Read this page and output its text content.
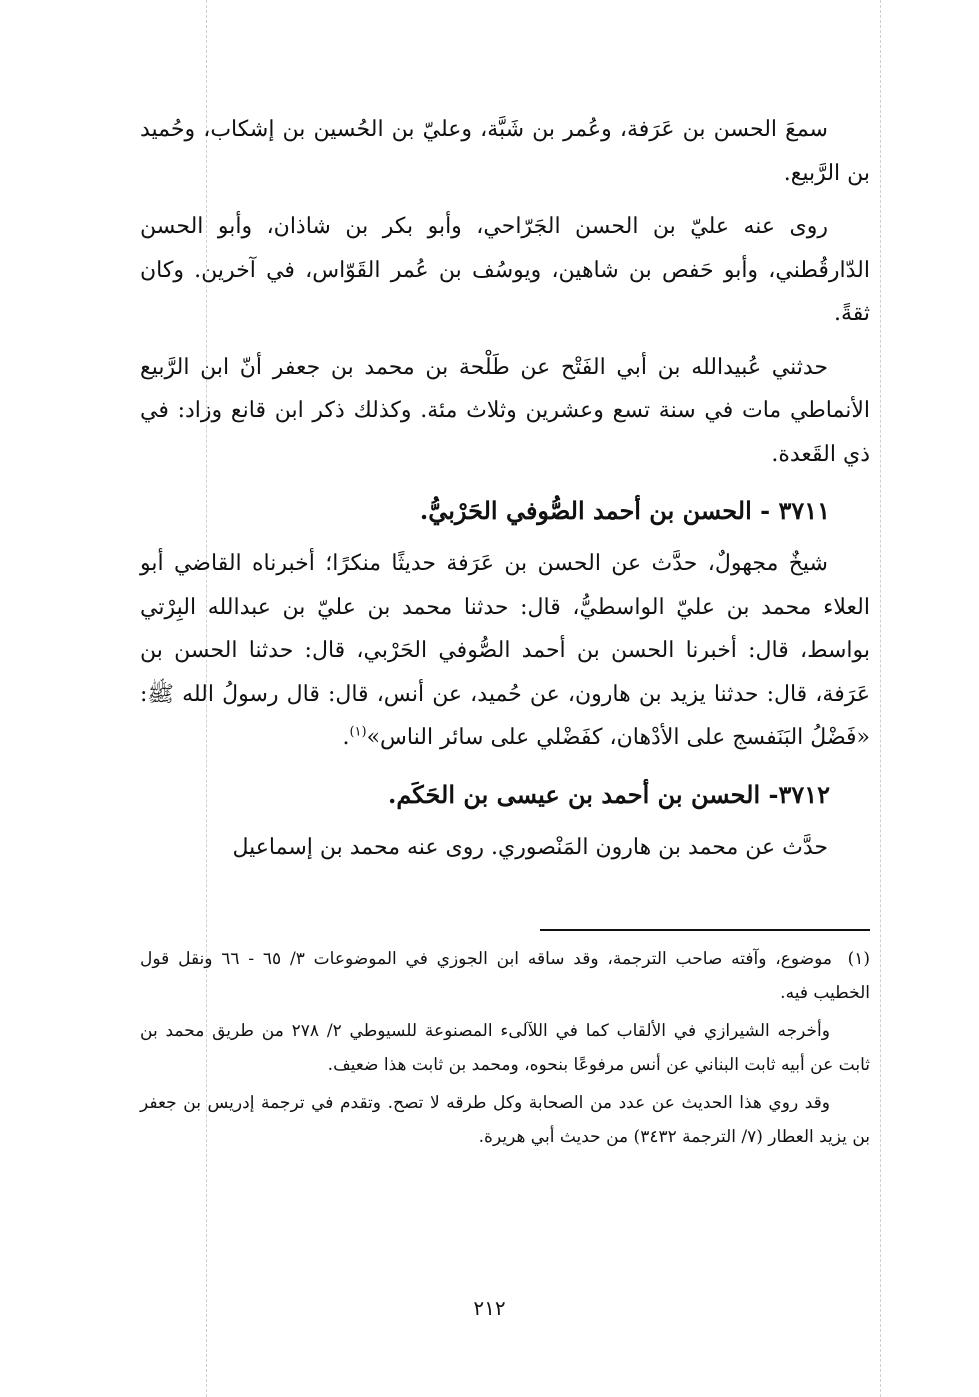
سمعَ الحسن بن عَرَفة، وعُمر بن شَبَّة، وعليّ بن الحُسين بن إشكاب، وحُميد بن الرَّبيع.

روى عنه عليّ بن الحسن الجَرّاحي، وأبو بكر بن شاذان، وأبو الحسن الدّارقُطني، وأبو حَفص بن شاهين، ويوسُف بن عُمر القَوّاس، في آخرين. وكان ثقةً.

حدثني عُبيدالله بن أبي الفَتْح عن طَلْحة بن محمد بن جعفر أنّ ابن الرَّبيع الأنماطي مات في سنة تسع وعشرين وثلاث مئة. وكذلك ذكر ابن قانع وزاد: في ذي القَعدة.

٣٧١١ - الحسن بن أحمد الصُّوفي الحَرْبيُّ.

شيخٌ مجهولٌ، حدَّث عن الحسن بن عَرَفة حديثًا منكرًا؛ أخبرناه القاضي أبو العلاء محمد بن عليّ الواسطيُّ، قال: حدثنا محمد بن عليّ بن عبدالله البِرْتي بواسط، قال: أخبرنا الحسن بن أحمد الصُّوفي الحَرْبي، قال: حدثنا الحسن بن عَرَفة، قال: حدثنا يزيد بن هارون، عن حُميد، عن أنس، قال: قال رسولُ الله ﷺ: «فَضْلُ البَنَفسج على الأدْهان، كفَضْلي على سائر الناس»$^{(١)}$.

٣٧١٢- الحسن بن أحمد بن عيسى بن الحَكَم.

حدَّث عن محمد بن هارون المَنْصوري. روى عنه محمد بن إسماعيل

(١)موضوع، وآفته صاحب الترجمة، وقد ساقه ابن الجوزي في الموضوعات ٣/ ٦٥ - ٦٦ ونقل قول الخطيب فيه.

وأخرجه الشيرازي في الألقاب كما في اللآلىء المصنوعة للسيوطي ٢/ ٢٧٨ من طريق محمد بن ثابت عن أبيه ثابت البناني عن أنس مرفوعًا بنحوه، ومحمد بن ثابت هذا ضعيف.

وقد روي هذا الحديث عن عدد من الصحابة وكل طرقه لا تصح. وتقدم في ترجمة إدريس بن جعفر بن يزيد العطار (٧/ الترجمة ٣٤٣٢) من حديث أبي هريرة.

٢١٢
